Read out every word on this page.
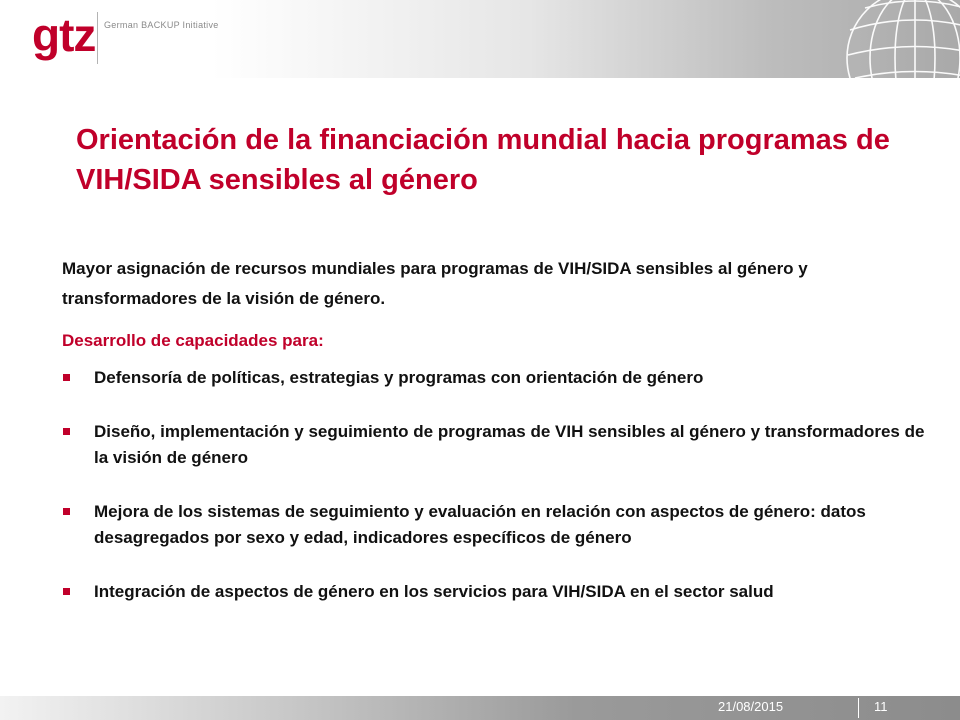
gtz German BACKUP Initiative
Orientación de la financiación mundial hacia programas de VIH/SIDA sensibles al género
Mayor asignación de recursos mundiales para programas de VIH/SIDA sensibles al género y transformadores de la visión de género.
Desarrollo de capacidades para:
Defensoría de políticas, estrategias y programas con orientación de género
Diseño, implementación y seguimiento de programas de VIH sensibles al género y transformadores de la visión de género
Mejora de los sistemas de seguimiento y evaluación en relación con aspectos de género: datos desagregados por sexo y edad, indicadores específicos de género
Integración de aspectos de género en los servicios para VIH/SIDA en el sector salud
21/08/2015	11
